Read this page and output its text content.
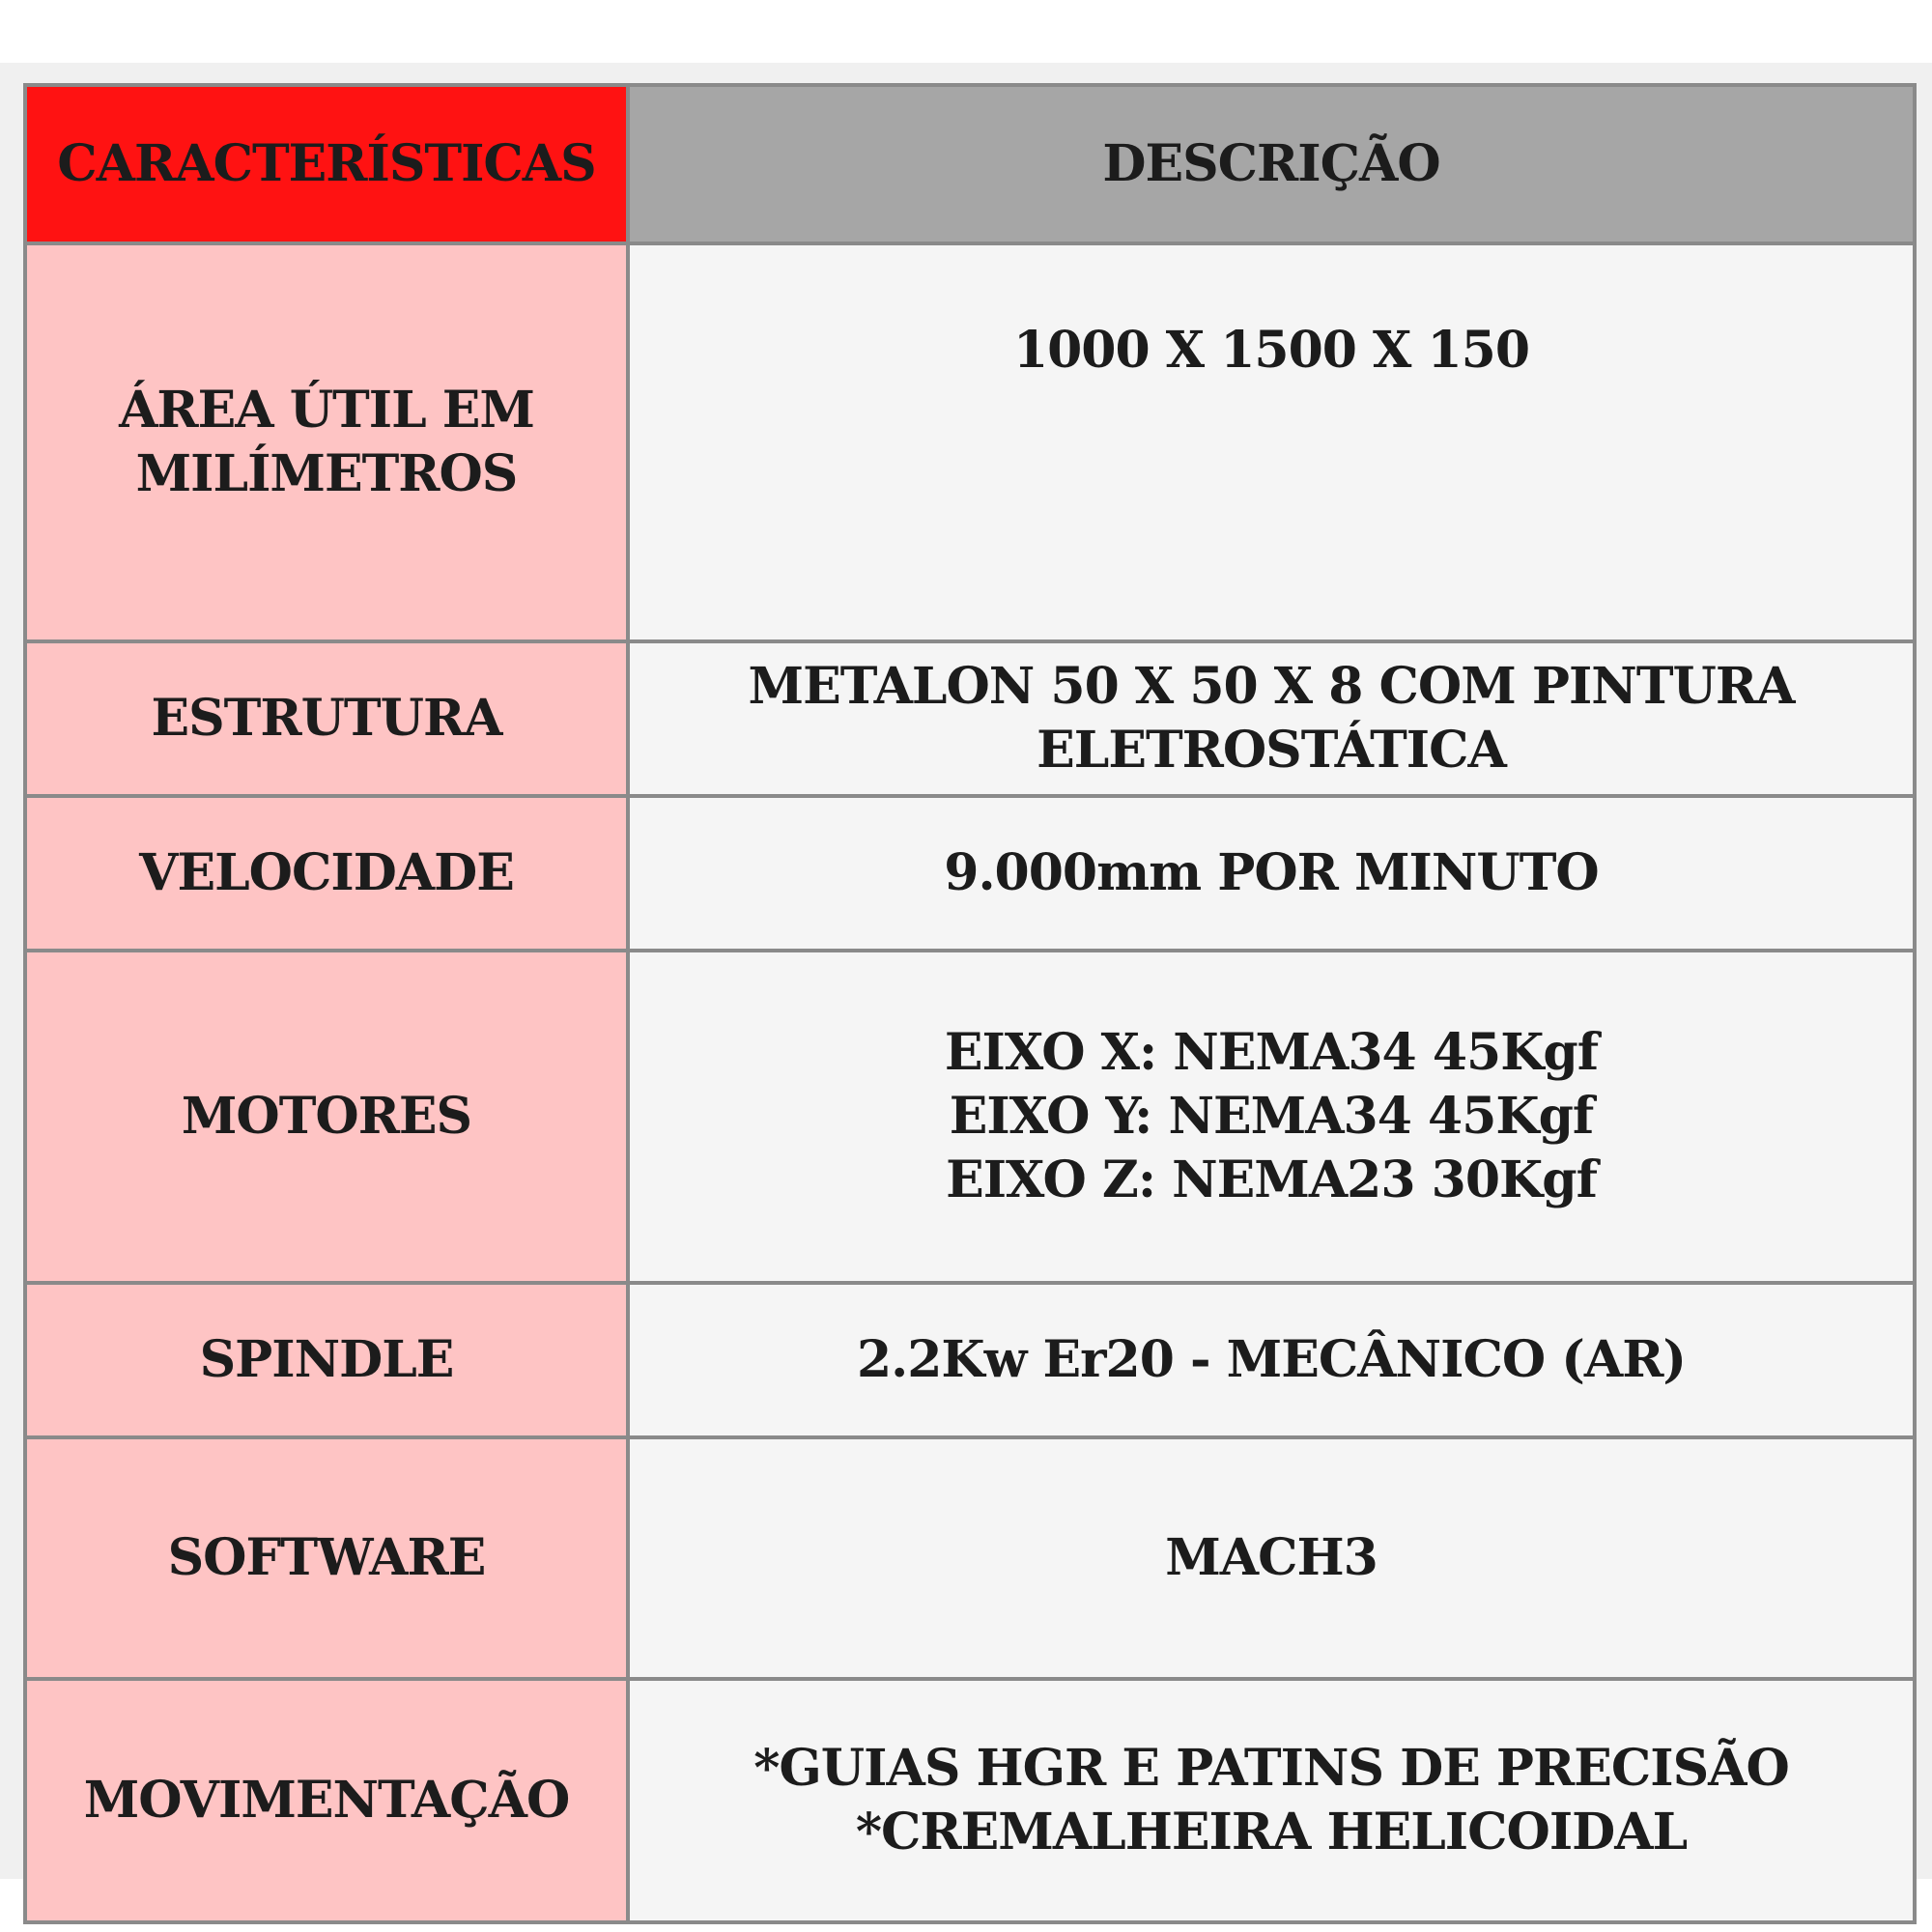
CARACTERÍSTICAS	DESCRIÇÃO

ÁREA ÚTIL EM
MILÍMETROS	1000 X 1500 X 150

ESTRUTURA	METALON 50 X 50 X 8 COM PINTURA
ELETROSTÁTICA

VELOCIDADE	9.000mm POR MINUTO

MOTORES	EIXO X: NEMA34 45Kgf
EIXO Y: NEMA34 45Kgf
EIXO Z: NEMA23 30Kgf

SPINDLE	2.2Kw Er20 - MECÂNICO (AR)

SOFTWARE	MACH3

MOVIMENTAÇÃO	*GUIAS HGR E PATINS DE PRECISÃO
*CREMALHEIRA HELICOIDAL
